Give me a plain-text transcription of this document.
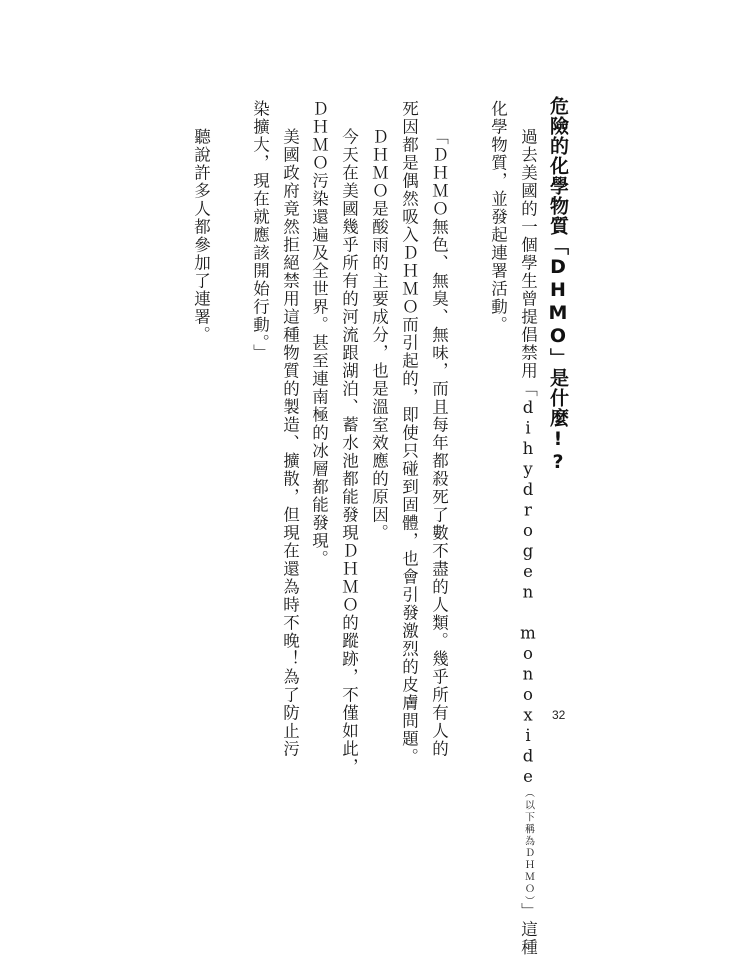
危險的化學物質「DHMO」是什麼!?
過去美國的一個學生曾提倡禁用「dihydrogen monoxide（以下稱為ＤＨＭＯ）」這種
化學物質，並發起連署活動。
「ＤＨＭＯ無色、無臭、無味，而且每年都殺死了數不盡的人類。幾乎所有人的
死因都是偶然吸入ＤＨＭＯ而引起的，即使只碰到固體，也會引發激烈的皮膚問題。
ＤＨＭＯ是酸雨的主要成分，也是溫室效應的原因。
今天在美國幾乎所有的河流跟湖泊、蓄水池都能發現ＤＨＭＯ的蹤跡，不僅如此，
ＤＨＭＯ污染還遍及全世界。甚至連南極的冰層都能發現。
美國政府竟然拒絕禁用這種物質的製造、擴散，但現在還為時不晚！為了防止污
染擴大，現在就應該開始行動。」
聽說許多人都參加了連署。
32
